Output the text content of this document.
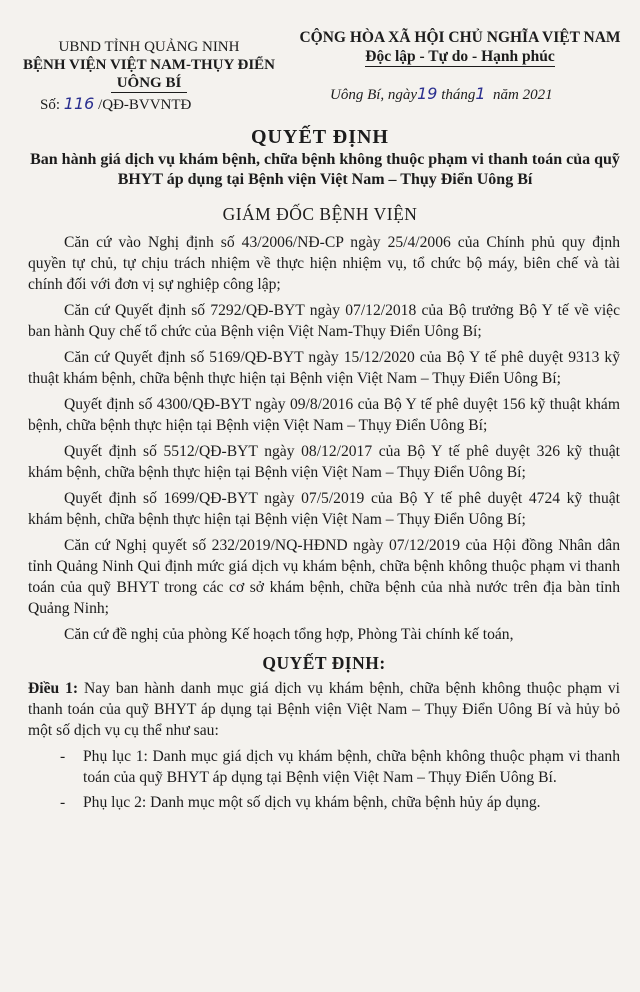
UBND TỈNH QUẢNG NINH
BỆNH VIỆN VIỆT NAM-THỤY ĐIỂN
UÔNG BÍ
CỘNG HÒA XÃ HỘI CHỦ NGHĨA VIỆT NAM
Độc lập - Tự do - Hạnh phúc
Số: 116 /QĐ-BVVNTĐ
Uông Bí, ngày19 tháng1 năm 2021
QUYẾT ĐỊNH
Ban hành giá dịch vụ khám bệnh, chữa bệnh không thuộc phạm vi thanh toán của quỹ BHYT áp dụng tại Bệnh viện Việt Nam – Thụy Điển Uông Bí
GIÁM ĐỐC BỆNH VIỆN

Căn cứ vào Nghị định số 43/2006/NĐ-CP ngày 25/4/2006 của Chính phủ quy định quyền tự chủ, tự chịu trách nhiệm về thực hiện nhiệm vụ, tổ chức bộ máy, biên chế và tài chính đối với đơn vị sự nghiệp công lập;

Căn cứ Quyết định số 7292/QĐ-BYT ngày 07/12/2018 của Bộ trưởng Bộ Y tế về việc ban hành Quy chế tổ chức của Bệnh viện Việt Nam-Thụy Điển Uông Bí;

Căn cứ Quyết định số 5169/QĐ-BYT ngày 15/12/2020 của Bộ Y tế phê duyệt 9313 kỹ thuật khám bệnh, chữa bệnh thực hiện tại Bệnh viện Việt Nam – Thụy Điển Uông Bí;

Quyết định số 4300/QĐ-BYT ngày 09/8/2016 của Bộ Y tế phê duyệt 156 kỹ thuật khám bệnh, chữa bệnh thực hiện tại Bệnh viện Việt Nam – Thụy Điển Uông Bí;

Quyết định số 5512/QĐ-BYT ngày 08/12/2017 của Bộ Y tế phê duyệt 326 kỹ thuật khám bệnh, chữa bệnh thực hiện tại Bệnh viện Việt Nam – Thụy Điển Uông Bí;

Quyết định số 1699/QĐ-BYT ngày 07/5/2019 của Bộ Y tế phê duyệt 4724 kỹ thuật khám bệnh, chữa bệnh thực hiện tại Bệnh viện Việt Nam – Thụy Điển Uông Bí;

Căn cứ Nghị quyết số 232/2019/NQ-HĐND ngày 07/12/2019 của Hội đồng Nhân dân tỉnh Quảng Ninh Qui định mức giá dịch vụ khám bệnh, chữa bệnh không thuộc phạm vi thanh toán của quỹ BHYT trong các cơ sở khám bệnh, chữa bệnh của nhà nước trên địa bàn tỉnh Quảng Ninh;

Căn cứ đề nghị của phòng Kế hoạch tổng hợp, Phòng Tài chính kế toán,

QUYẾT ĐỊNH:

Điều 1: Nay ban hành danh mục giá dịch vụ khám bệnh, chữa bệnh không thuộc phạm vi thanh toán của quỹ BHYT áp dụng tại Bệnh viện Việt Nam – Thụy Điển Uông Bí và hủy bỏ một số dịch vụ cụ thể như sau:

- Phụ lục 1: Danh mục giá dịch vụ khám bệnh, chữa bệnh không thuộc phạm vi thanh toán của quỹ BHYT áp dụng tại Bệnh viện Việt Nam – Thụy Điển Uông Bí.
- Phụ lục 2: Danh mục một số dịch vụ khám bệnh, chữa bệnh hủy áp dụng.
